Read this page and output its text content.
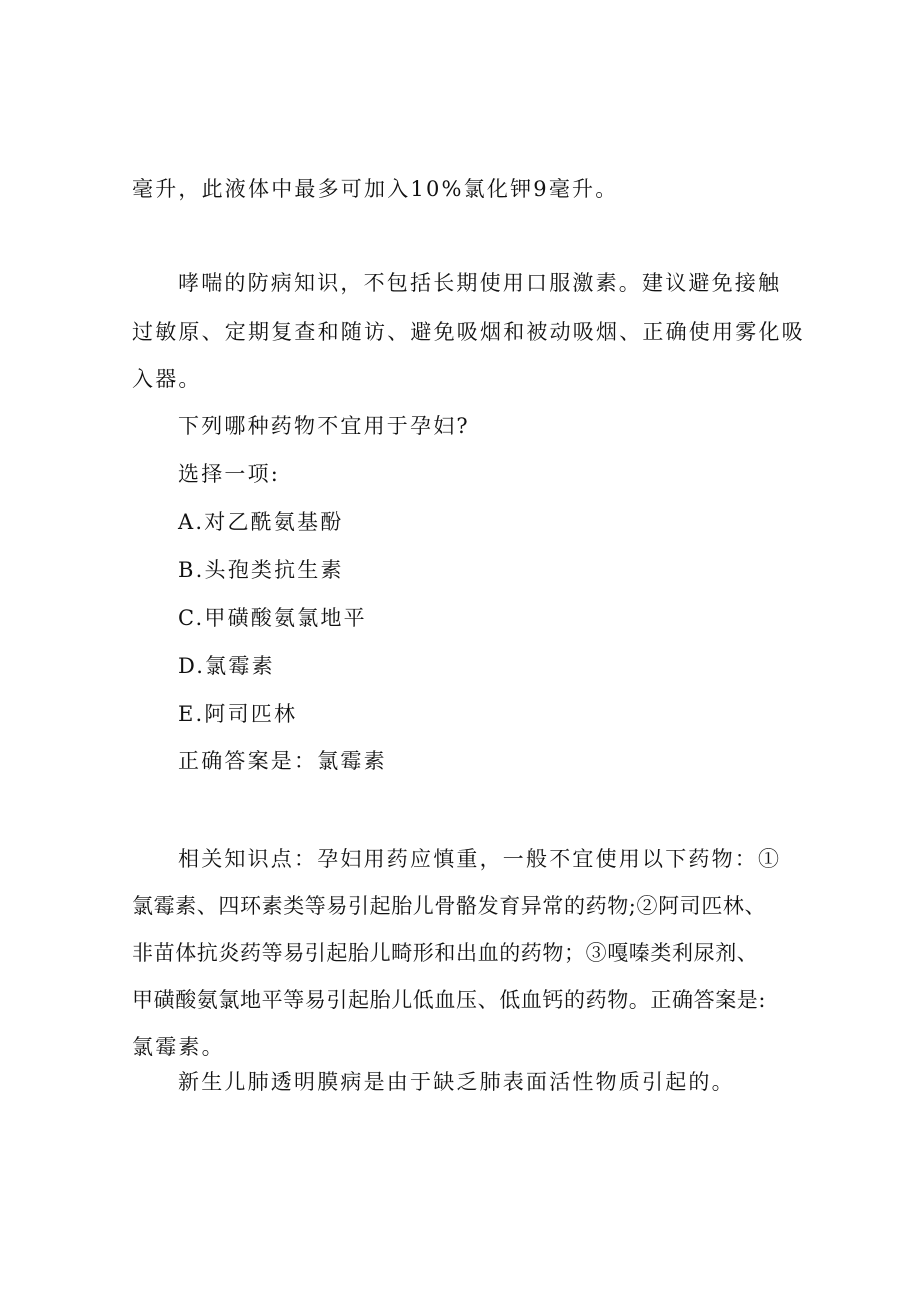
毫升，此液体中最多可加入10%氯化钾9毫升。
哮喘的防病知识，不包括长期使用口服激素。建议避免接触
过敏原、定期复查和随访、避免吸烟和被动吸烟、正确使用雾化吸
入器。
下列哪种药物不宜用于孕妇?
选择一项:
A.对乙酰氨基酚
B.头孢类抗生素
C.甲磺酸氨氯地平
D.氯霉素
E.阿司匹林
正确答案是：氯霉素
相关知识点：孕妇用药应慎重，一般不宜使用以下药物：①
氯霉素、四环素类等易引起胎儿骨骼发育异常的药物;②阿司匹林、
非苗体抗炎药等易引起胎儿畸形和出血的药物；③嘎嗪类利尿剂、
甲磺酸氨氯地平等易引起胎儿低血压、低血钙的药物。正确答案是:
氯霉素。
新生儿肺透明膜病是由于缺乏肺表面活性物质引起的。
